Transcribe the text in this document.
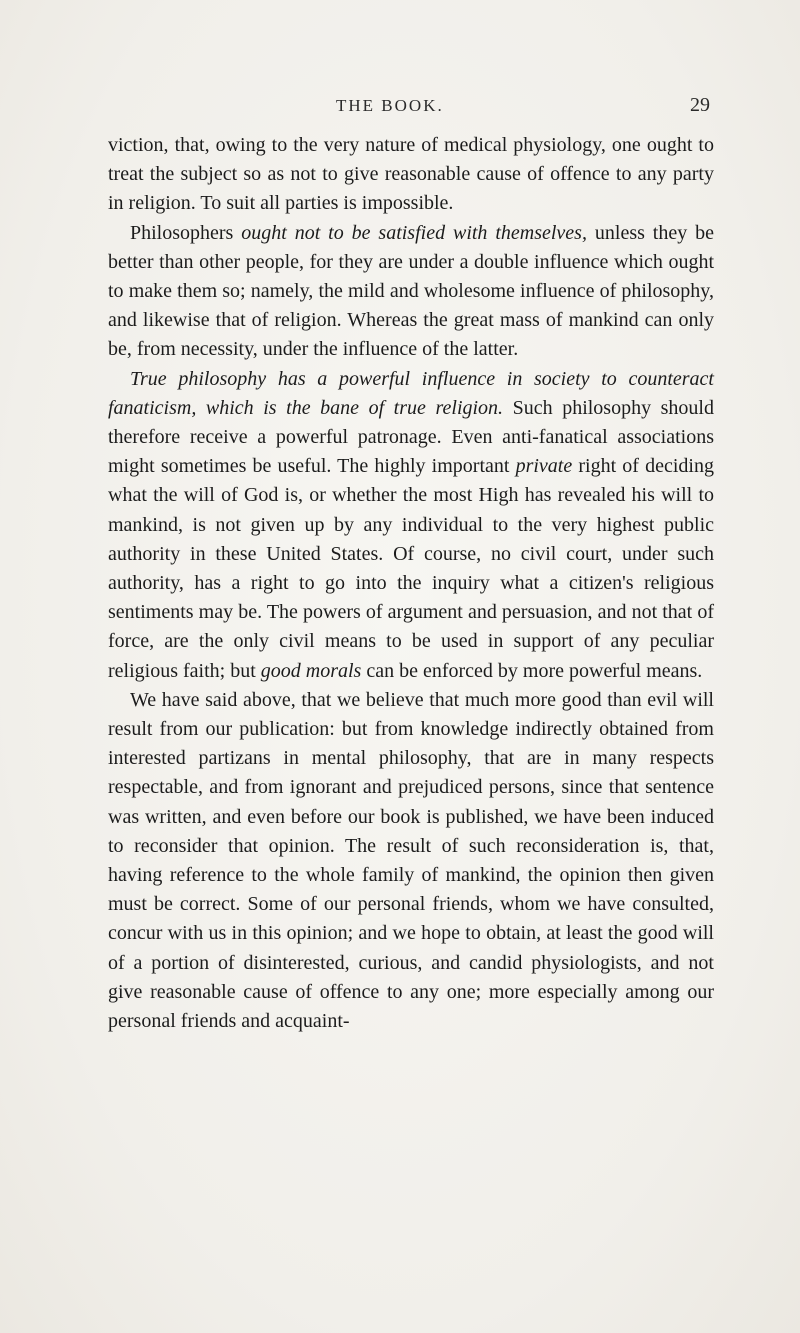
THE BOOK.	29

viction, that, owing to the very nature of medical physiology, one ought to treat the subject so as not to give reasonable cause of offence to any party in religion. To suit all parties is impossible.

Philosophers ought not to be satisfied with themselves, unless they be better than other people, for they are under a double influence which ought to make them so; namely, the mild and wholesome influence of philosophy, and likewise that of religion. Whereas the great mass of mankind can only be, from necessity, under the influence of the latter.

True philosophy has a powerful influence in society to counteract fanaticism, which is the bane of true religion. Such philosophy should therefore receive a powerful patronage. Even anti-fanatical associations might sometimes be useful. The highly important private right of deciding what the will of God is, or whether the most High has revealed his will to mankind, is not given up by any individual to the very highest public authority in these United States. Of course, no civil court, under such authority, has a right to go into the inquiry what a citizen's religious sentiments may be. The powers of argument and persuasion, and not that of force, are the only civil means to be used in support of any peculiar religious faith; but good morals can be enforced by more powerful means.

We have said above, that we believe that much more good than evil will result from our publication: but from knowledge indirectly obtained from interested partizans in mental philosophy, that are in many respects respectable, and from ignorant and prejudiced persons, since that sentence was written, and even before our book is published, we have been induced to reconsider that opinion. The result of such reconsideration is, that, having reference to the whole family of mankind, the opinion then given must be correct. Some of our personal friends, whom we have consulted, concur with us in this opinion; and we hope to obtain, at least the good will of a portion of disinterested, curious, and candid physiologists, and not give reasonable cause of offence to any one; more especially among our personal friends and acquaint-
